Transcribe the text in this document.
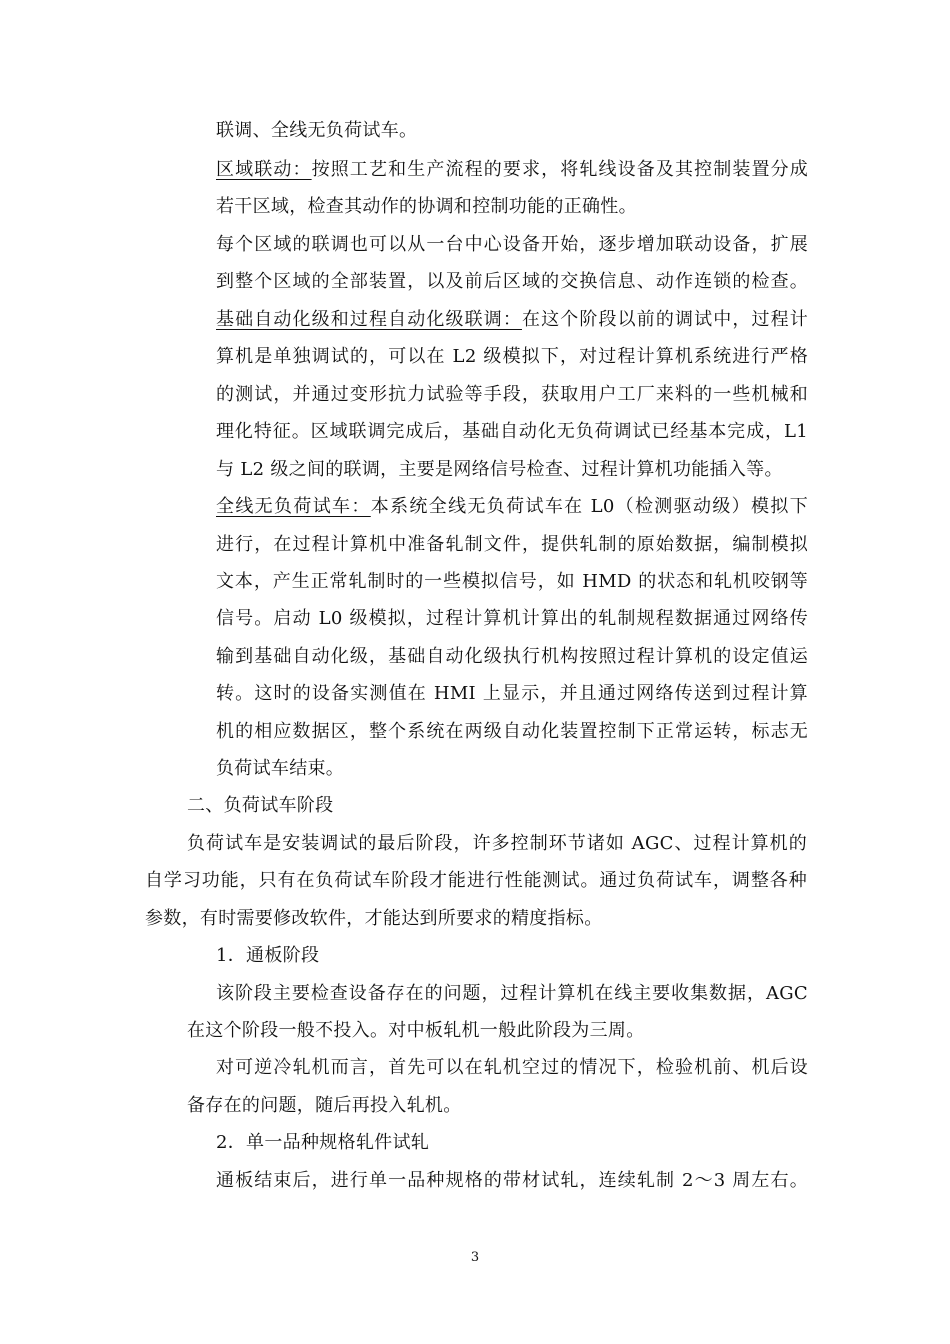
联调、全线无负荷试车。
区域联动：按照工艺和生产流程的要求，将轧线设备及其控制装置分成
若干区域，检查其动作的协调和控制功能的正确性。
每个区域的联调也可以从一台中心设备开始，逐步增加联动设备，扩展
到整个区域的全部装置，以及前后区域的交换信息、动作连锁的检查。
基础自动化级和过程自动化级联调：在这个阶段以前的调试中，过程计
算机是单独调试的，可以在 L2 级模拟下，对过程计算机系统进行严格
的测试，并通过变形抗力试验等手段，获取用户工厂来料的一些机械和
理化特征。区域联调完成后，基础自动化无负荷调试已经基本完成，L1
与 L2 级之间的联调，主要是网络信号检查、过程计算机功能插入等。
全线无负荷试车：本系统全线无负荷试车在 L0（检测驱动级）模拟下
进行，在过程计算机中准备轧制文件，提供轧制的原始数据，编制模拟
文本，产生正常轧制时的一些模拟信号，如 HMD 的状态和轧机咬钢等
信号。启动 L0 级模拟，过程计算机计算出的轧制规程数据通过网络传
输到基础自动化级，基础自动化级执行机构按照过程计算机的设定值运
转。这时的设备实测值在 HMI 上显示，并且通过网络传送到过程计算
机的相应数据区，整个系统在两级自动化装置控制下正常运转，标志无
负荷试车结束。
二、负荷试车阶段
负荷试车是安装调试的最后阶段，许多控制环节诸如 AGC、过程计算机的
自学习功能，只有在负荷试车阶段才能进行性能测试。通过负荷试车，调整各种
参数，有时需要修改软件，才能达到所要求的精度指标。
1．通板阶段
该阶段主要检查设备存在的问题，过程计算机在线主要收集数据，AGC
在这个阶段一般不投入。对中板轧机一般此阶段为三周。
对可逆冷轧机而言，首先可以在轧机空过的情况下，检验机前、机后设
备存在的问题，随后再投入轧机。
2．单一品种规格轧件试轧
通板结束后，进行单一品种规格的带材试轧，连续轧制 2～3 周左右。
3
